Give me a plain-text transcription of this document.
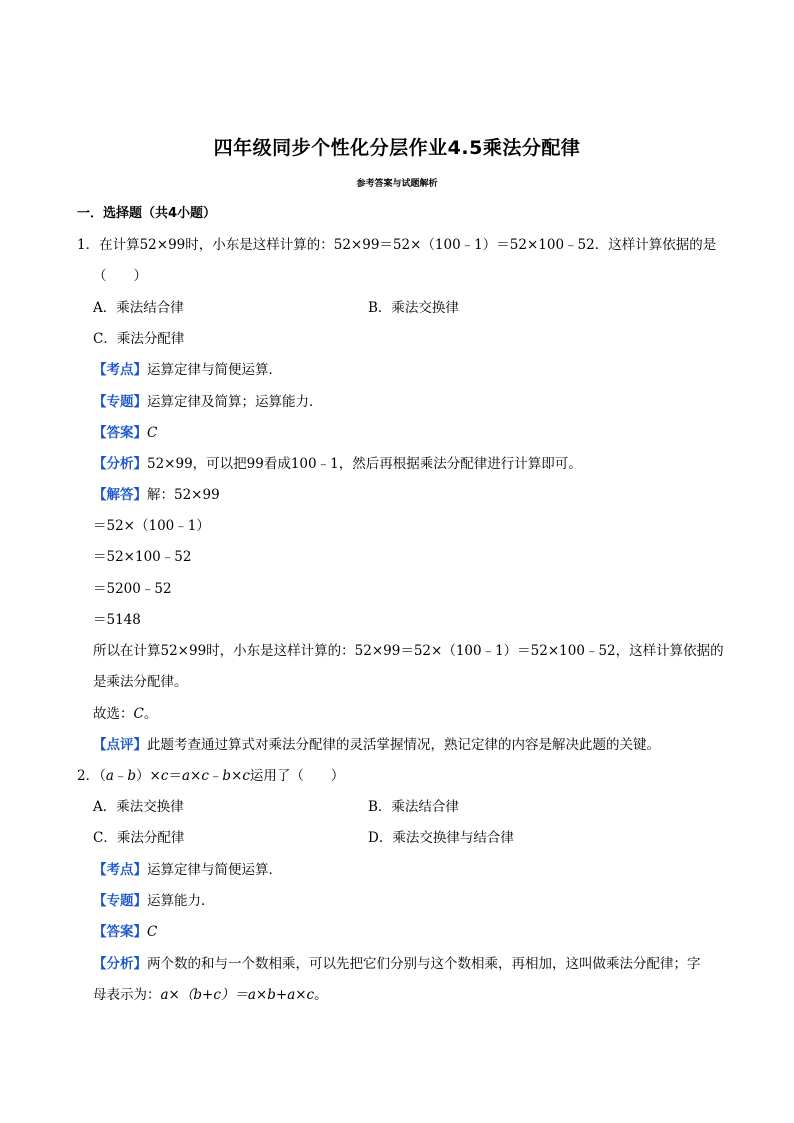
四年级同步个性化分层作业4.5乘法分配律
参考答案与试题解析
一．选择题（共4小题）
1．在计算52×99时，小东是这样计算的：52×99＝52×（100﹣1）＝52×100﹣52．这样计算依据的是
（　　）
A．乘法结合律	B．乘法交换律
C．乘法分配律
【考点】运算定律与简便运算．
【专题】运算定律及简算；运算能力．
【答案】C
【分析】52×99，可以把99看成100﹣1，然后再根据乘法分配律进行计算即可。
【解答】解：52×99
＝52×（100﹣1）
＝52×100﹣52
＝5200﹣52
＝5148
所以在计算52×99时，小东是这样计算的：52×99＝52×（100﹣1）＝52×100﹣52，这样计算依据的
是乘法分配律。
故选：C。
【点评】此题考查通过算式对乘法分配律的灵活掌握情况，熟记定律的内容是解决此题的关键。
2．（a﹣b）×c＝a×c﹣b×c运用了（　　）
A．乘法交换律	B．乘法结合律
C．乘法分配律	D．乘法交换律与结合律
【考点】运算定律与简便运算．
【专题】运算能力．
【答案】C
【分析】两个数的和与一个数相乘，可以先把它们分别与这个数相乘，再相加，这叫做乘法分配律；字
母表示为：a×（b+c）＝a×b+a×c。
